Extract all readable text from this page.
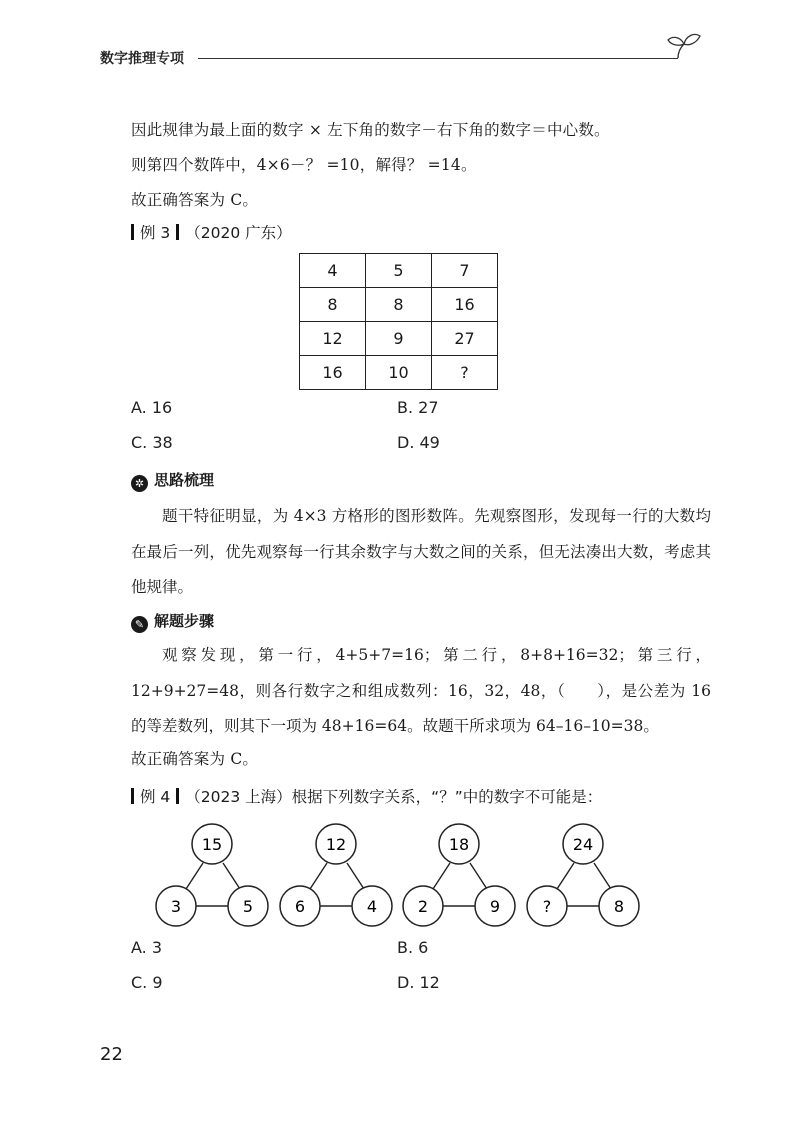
数字推理专项
因此规律为最上面的数字 × 左下角的数字－右下角的数字＝中心数。
则第四个数阵中，4×6－？ =10，解得？ =14。
故正确答案为 C。
例 3 （2020 广东）
4	5	7
8	8	16
12	9	27
16	10	?
A. 16	B. 27
C. 38	D. 49
✲ 思路梳理
题干特征明显，为 4×3 方格形的图形数阵。先观察图形，发现每一行的大数均在最后一列，优先观察每一行其余数字与大数之间的关系，但无法凑出大数，考虑其他规律。
✎ 解题步骤
观察发现，第一行，4+5+7=16；第二行，8+8+16=32；第三行，12+9+27=48，则各行数字之和组成数列：16，32，48，（　　），是公差为 16 的等差数列，则其下一项为 48+16=64。故题干所求项为 64–16–10=38。
故正确答案为 C。
例 4 （2023 上海）根据下列数字关系，“？”中的数字不可能是：
15
3	5
12
6	4
18
2	9
24
?	8
A. 3	B. 6
C. 9	D. 12
22
